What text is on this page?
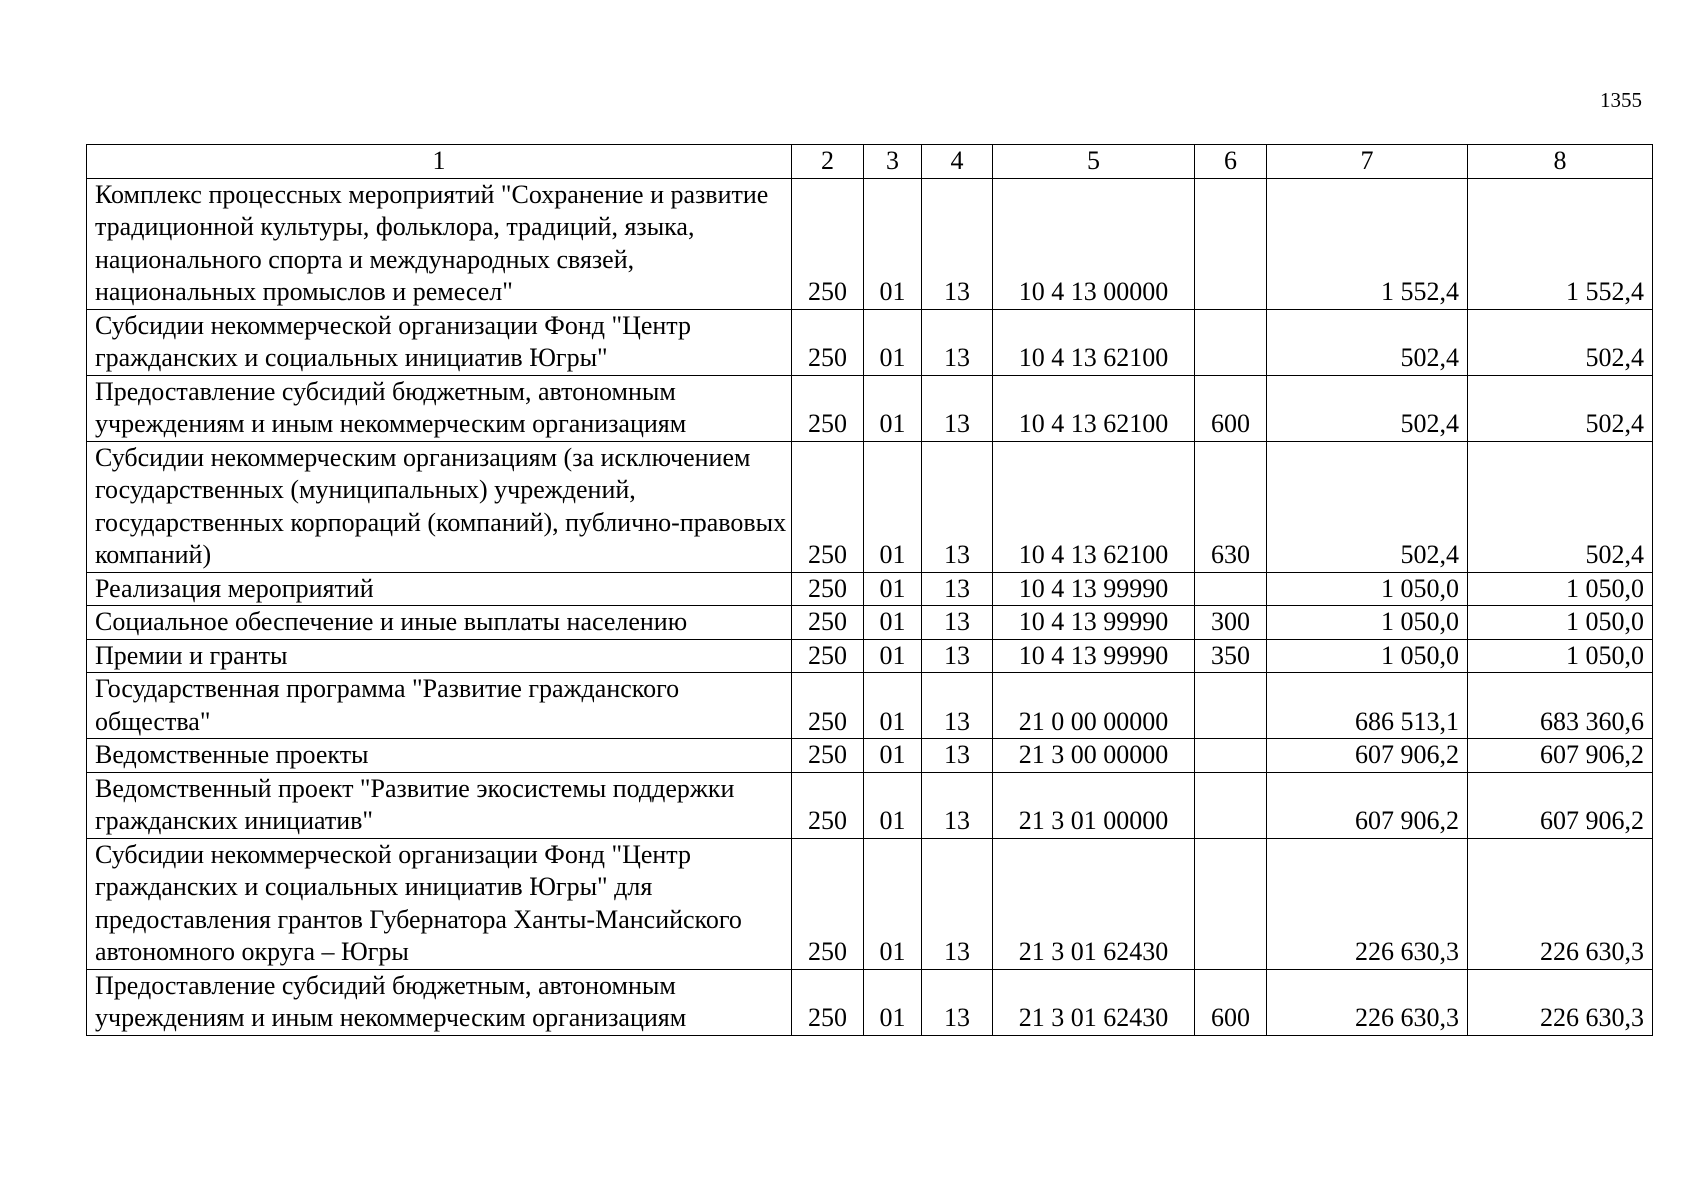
1355
1	2	3	4	5	6	7	8
Комплекс процессных мероприятий "Сохранение и развитие традиционной культуры, фольклора, традиций, языка, национального спорта и международных связей, национальных промыслов и ремесел"	250	01	13	10 4 13 00000		1 552,4	1 552,4
Субсидии некоммерческой организации Фонд "Центр гражданских и социальных инициатив Югры"	250	01	13	10 4 13 62100		502,4	502,4
Предоставление субсидий бюджетным, автономным учреждениям и иным некоммерческим организациям	250	01	13	10 4 13 62100	600	502,4	502,4
Субсидии некоммерческим организациям (за исключением государственных (муниципальных) учреждений, государственных корпораций (компаний), публично-правовых компаний)	250	01	13	10 4 13 62100	630	502,4	502,4
Реализация мероприятий	250	01	13	10 4 13 99990		1 050,0	1 050,0
Социальное обеспечение и иные выплаты населению	250	01	13	10 4 13 99990	300	1 050,0	1 050,0
Премии и гранты	250	01	13	10 4 13 99990	350	1 050,0	1 050,0
Государственная программа "Развитие гражданского общества"	250	01	13	21 0 00 00000		686 513,1	683 360,6
Ведомственные проекты	250	01	13	21 3 00 00000		607 906,2	607 906,2
Ведомственный проект "Развитие экосистемы поддержки гражданских инициатив"	250	01	13	21 3 01 00000		607 906,2	607 906,2
Субсидии некоммерческой организации Фонд "Центр гражданских и социальных инициатив Югры" для предоставления грантов Губернатора Ханты-Мансийского автономного округа – Югры	250	01	13	21 3 01 62430		226 630,3	226 630,3
Предоставление субсидий бюджетным, автономным учреждениям и иным некоммерческим организациям	250	01	13	21 3 01 62430	600	226 630,3	226 630,3
